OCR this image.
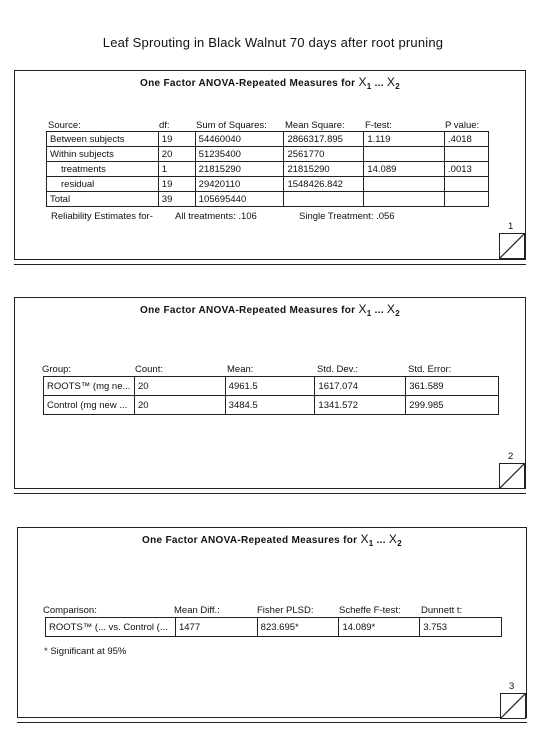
Leaf Sprouting in Black Walnut 70 days after root pruning
One Factor ANOVA-Repeated Measures for $X_1$ ... $X_2$
Source:	df:	Sum of Squares: Mean Square: F-test:	P value:
Between subjects	19	54460040	2866317.895	1.119	.4018
Within subjects	20	51235400	2561770		
treatments	1	21815290	21815290	14.089	.0013
residual	19	29420110	1548426.842		
Total	39	105695440			
Reliability Estimates for- All treatments: .106	Single Treatment: .056
1
One Factor ANOVA-Repeated Measures for $X_1$ ... $X_2$
Group:	Count:	Mean:	Std. Dev.:	Std. Error:
ROOTS™ (mg ne...	20	4961.5	1617.074	361.589
Control (mg new ...	20	3484.5	1341.572	299.985
2
One Factor ANOVA-Repeated Measures for $X_1$ ... $X_2$
Comparison:	Mean Diff.:	Fisher PLSD:	Scheffe F-test: Dunnett t:
ROOTS™ (... vs. Control (...	1477	823.695*	14.089*	3.753
* Significant at 95%
3
